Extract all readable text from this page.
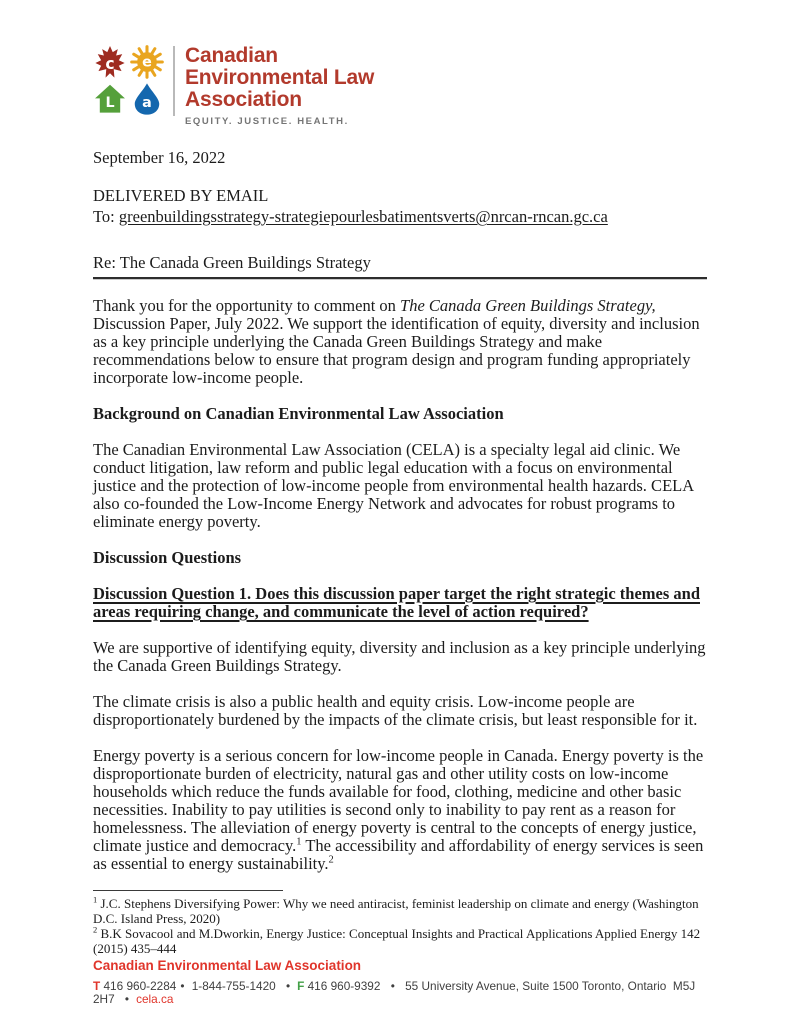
c e
L a
Canadian
Environmental Law
Association
EQUITY. JUSTICE. HEALTH.
September 16, 2022
DELIVERED BY EMAIL
To: greenbuildingsstrategy-strategiepourlesbatimentsverts@nrcan-rncan.gc.ca
Re: The Canada Green Buildings Strategy

Thank you for the opportunity to comment on The Canada Green Buildings Strategy, Discussion Paper, July 2022. We support the identification of equity, diversity and inclusion as a key principle underlying the Canada Green Buildings Strategy and make recommendations below to ensure that program design and program funding appropriately incorporate low-income people.

Background on Canadian Environmental Law Association

The Canadian Environmental Law Association (CELA) is a specialty legal aid clinic. We conduct litigation, law reform and public legal education with a focus on environmental justice and the protection of low-income people from environmental health hazards. CELA also co-founded the Low-Income Energy Network and advocates for robust programs to eliminate energy poverty.

Discussion Questions

Discussion Question 1. Does this discussion paper target the right strategic themes and areas requiring change, and communicate the level of action required?

We are supportive of identifying equity, diversity and inclusion as a key principle underlying the Canada Green Buildings Strategy.

The climate crisis is also a public health and equity crisis. Low-income people are disproportionately burdened by the impacts of the climate crisis, but least responsible for it.

Energy poverty is a serious concern for low-income people in Canada. Energy poverty is the disproportionate burden of electricity, natural gas and other utility costs on low-income households which reduce the funds available for food, clothing, medicine and other basic necessities. Inability to pay utilities is second only to inability to pay rent as a reason for homelessness. The alleviation of energy poverty is central to the concepts of energy justice, climate justice and democracy.$^1$ The accessibility and affordability of energy services is seen as essential to energy sustainability.$^2$

$^1$ J.C. Stephens Diversifying Power: Why we need antiracist, feminist leadership on climate and energy (Washington D.C. Island Press, 2020)

$^2$ B.K Sovacool and M.Dworkin, Energy Justice: Conceptual Insights and Practical Applications Applied Energy 142 (2015) 435–444

Canadian Environmental Law Association
T 416 960-2284 • 1-844-755-1420 • F 416 960-9392 • 55 University Avenue, Suite 1500 Toronto, Ontario  M5J 2H7 • cela.ca
